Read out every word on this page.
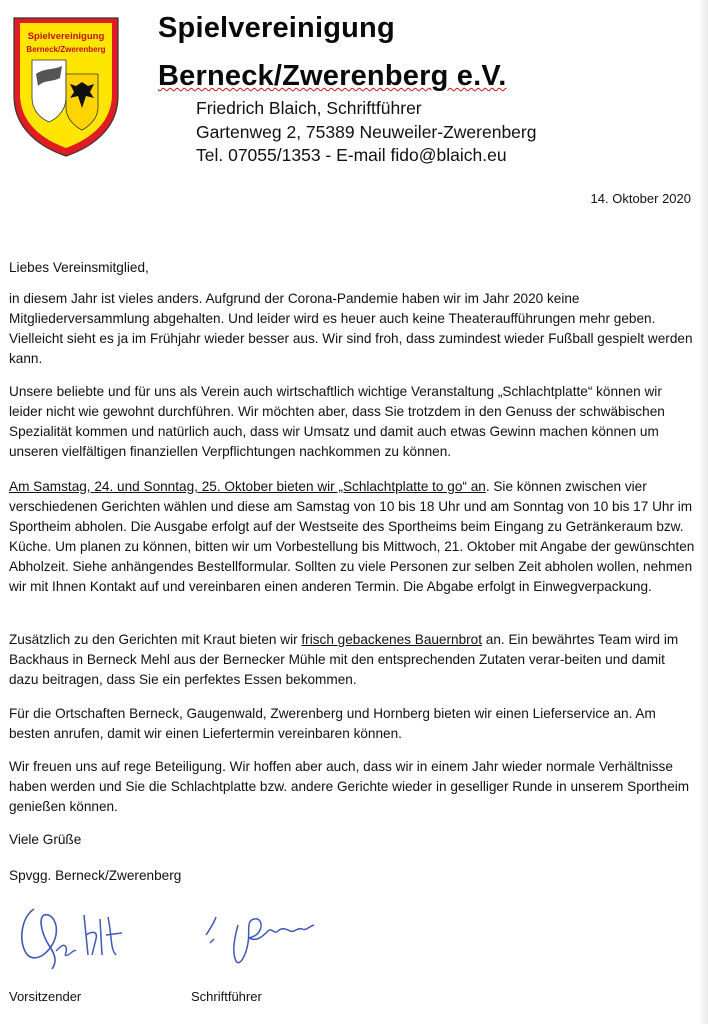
Spielvereinigung
Berneck/Zwerenberg
Spielvereinigung
Berneck/Zwerenberg e.V.
Friedrich Blaich, Schriftführer
Gartenweg 2, 75389 Neuweiler-Zwerenberg
Tel. 07055/1353 - E-mail fido@blaich.eu
14. Oktober 2020
Liebes Vereinsmitglied,

in diesem Jahr ist vieles anders. Aufgrund der Corona-Pandemie haben wir im Jahr 2020 keine Mitgliederversammlung abgehalten. Und leider wird es heuer auch keine Theateraufführungen mehr geben. Vielleicht sieht es ja im Frühjahr wieder besser aus. Wir sind froh, dass zumindest wieder Fußball gespielt werden kann.

Unsere beliebte und für uns als Verein auch wirtschaftlich wichtige Veranstaltung „Schlachtplatte“ können wir leider nicht wie gewohnt durchführen. Wir möchten aber, dass Sie trotzdem in den Genuss der schwäbischen Spezialität kommen und natürlich auch, dass wir Umsatz und damit auch etwas Gewinn machen können um unseren vielfältigen finanziellen Verpflichtungen nachkommen zu können.

Am Samstag, 24. und Sonntag, 25. Oktober bieten wir „Schlachtplatte to go“ an. Sie können zwischen vier verschiedenen Gerichten wählen und diese am Samstag von 10 bis 18 Uhr und am Sonntag von 10 bis 17 Uhr im Sportheim abholen. Die Ausgabe erfolgt auf der Westseite des Sportheims beim Eingang zu Getränkeraum bzw. Küche. Um planen zu können, bitten wir um Vorbestellung bis Mittwoch, 21. Oktober mit Angabe der gewünschten Abholzeit. Siehe anhängendes Bestellformular. Sollten zu viele Personen zur selben Zeit abholen wollen, nehmen wir mit Ihnen Kontakt auf und vereinbaren einen anderen Termin. Die Abgabe erfolgt in Einwegverpackung.

Zusätzlich zu den Gerichten mit Kraut bieten wir frisch gebackenes Bauernbrot an. Ein bewährtes Team wird im Backhaus in Berneck Mehl aus der Bernecker Mühle mit den entsprechenden Zutaten verar-beiten und damit dazu beitragen, dass Sie ein perfektes Essen bekommen.

Für die Ortschaften Berneck, Gaugenwald, Zwerenberg und Hornberg bieten wir einen Lieferservice an. Am besten anrufen, damit wir einen Liefertermin vereinbaren können.

Wir freuen uns auf rege Beteiligung. Wir hoffen aber auch, dass wir in einem Jahr wieder normale Verhältnisse haben werden und Sie die Schlachtplatte bzw. andere Gerichte wieder in geselliger Runde in unserem Sportheim genießen können.

Viele Grüße
Spvgg. Berneck/Zwerenberg
Vorsitzender	Schriftführer
